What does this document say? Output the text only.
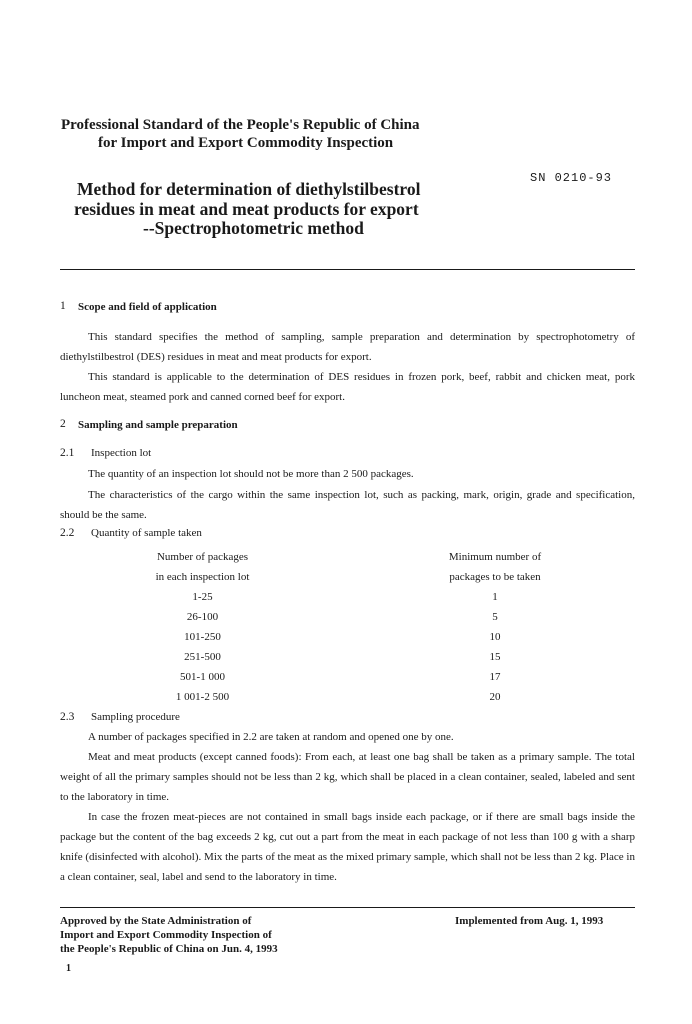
Professional Standard of the People's Republic of China
for Import and Export Commodity Inspection
Method for determination of diethylstilbestrol
residues in meat and meat products for export
--Spectrophotometric method
SN 0210-93
1 Scope and field of application
This standard specifies the method of sampling, sample preparation and determination by spectrophotometry of diethylstilbestrol (DES) residues in meat and meat products for export.
This standard is applicable to the determination of DES residues in frozen pork, beef, rabbit and chicken meat, pork luncheon meat, steamed pork and canned corned beef for export.
2 Sampling and sample preparation
2.1 Inspection lot
The quantity of an inspection lot should not be more than 2 500 packages.
The characteristics of the cargo within the same inspection lot, such as packing, mark, origin, grade and specification, should be the same.
2.2 Quantity of sample taken
Number of packages
in each inspection lot
Minimum number of
packages to be taken
1-25	1
26-100	5
101-250	10
251-500	15
501-1 000	17
1 001-2 500	20
2.3 Sampling procedure
A number of packages specified in 2.2 are taken at random and opened one by one.
Meat and meat products (except canned foods): From each, at least one bag shall be taken as a primary sample. The total weight of all the primary samples should not be less than 2 kg, which shall be placed in a clean container, sealed, labeled and sent to the laboratory in time.
In case the frozen meat-pieces are not contained in small bags inside each package, or if there are small bags inside the package but the content of the bag exceeds 2 kg, cut out a part from the meat in each package of not less than 100 g with a sharp knife (disinfected with alcohol). Mix the parts of the meat as the mixed primary sample, which shall not be less than 2 kg. Place in a clean container, seal, label and send to the laboratory in time.
Approved by the State Administration of
Import and Export Commodity Inspection of
the People's Republic of China on Jun. 4, 1993
Implemented from Aug. 1, 1993
1
